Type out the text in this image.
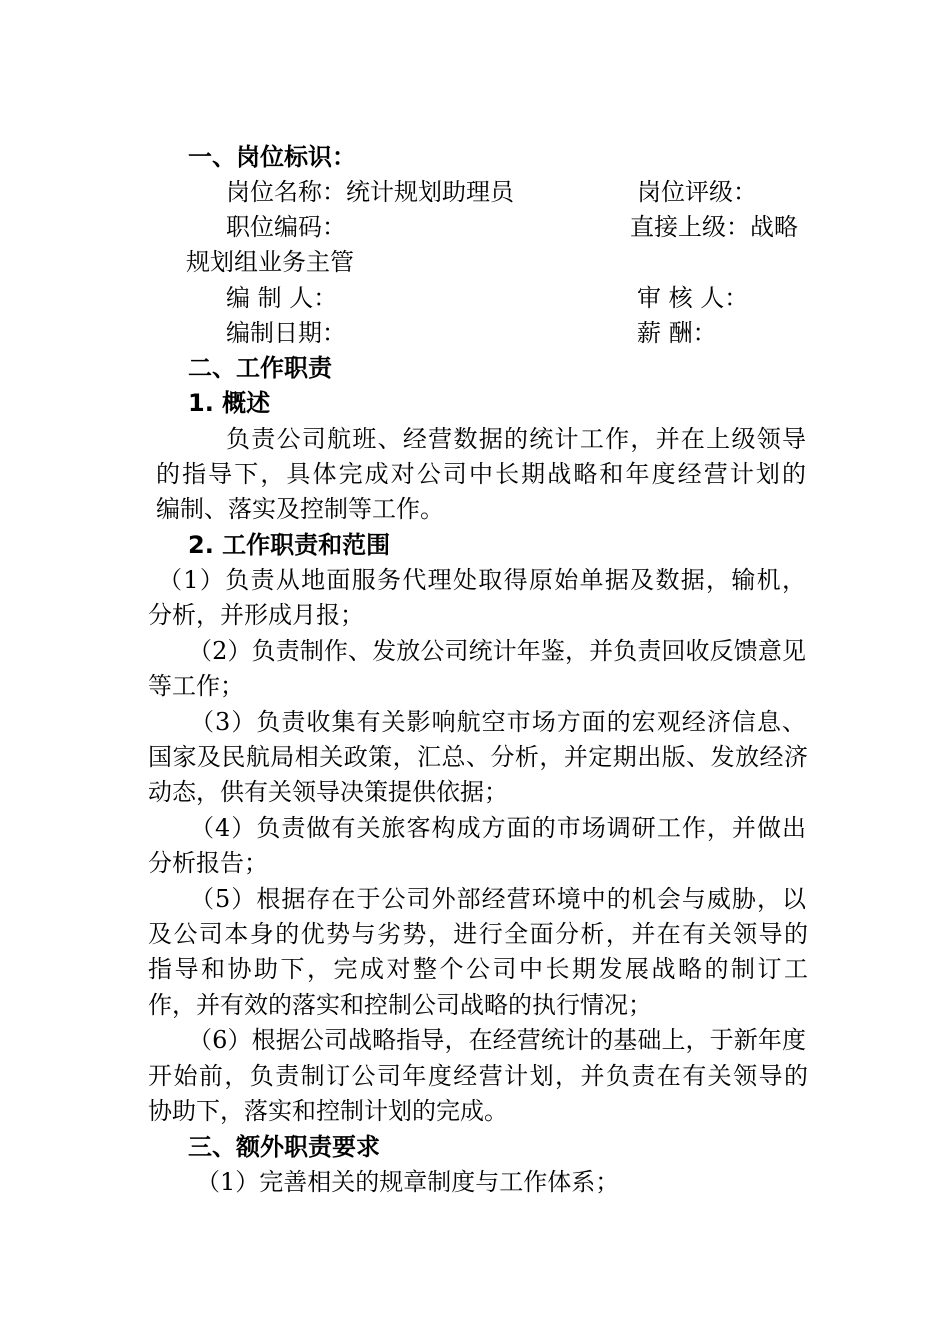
一、岗位标识：
岗位名称：统计规划助理员	岗位评级：
职位编码：	直接上级：战略
规划组业务主管
编 制 人：	审 核 人：
编制日期：	薪 酬：
二、工作职责
1. 概述
负责公司航班、经营数据的统计工作，并在上级领导
的指导下，具体完成对公司中长期战略和年度经营计划的
编制、落实及控制等工作。
2. 工作职责和范围
（1）负责从地面服务代理处取得原始单据及数据，输机，
分析，并形成月报；
（2）负责制作、发放公司统计年鉴，并负责回收反馈意见
等工作；
（3）负责收集有关影响航空市场方面的宏观经济信息、
国家及民航局相关政策，汇总、分析，并定期出版、发放经济
动态，供有关领导决策提供依据；
（4）负责做有关旅客构成方面的市场调研工作，并做出
分析报告；
（5）根据存在于公司外部经营环境中的机会与威胁，以
及公司本身的优势与劣势，进行全面分析，并在有关领导的
指导和协助下，完成对整个公司中长期发展战略的制订工
作，并有效的落实和控制公司战略的执行情况；
（6）根据公司战略指导，在经营统计的基础上，于新年度
开始前，负责制订公司年度经营计划，并负责在有关领导的
协助下，落实和控制计划的完成。
三、额外职责要求
（1）完善相关的规章制度与工作体系；
